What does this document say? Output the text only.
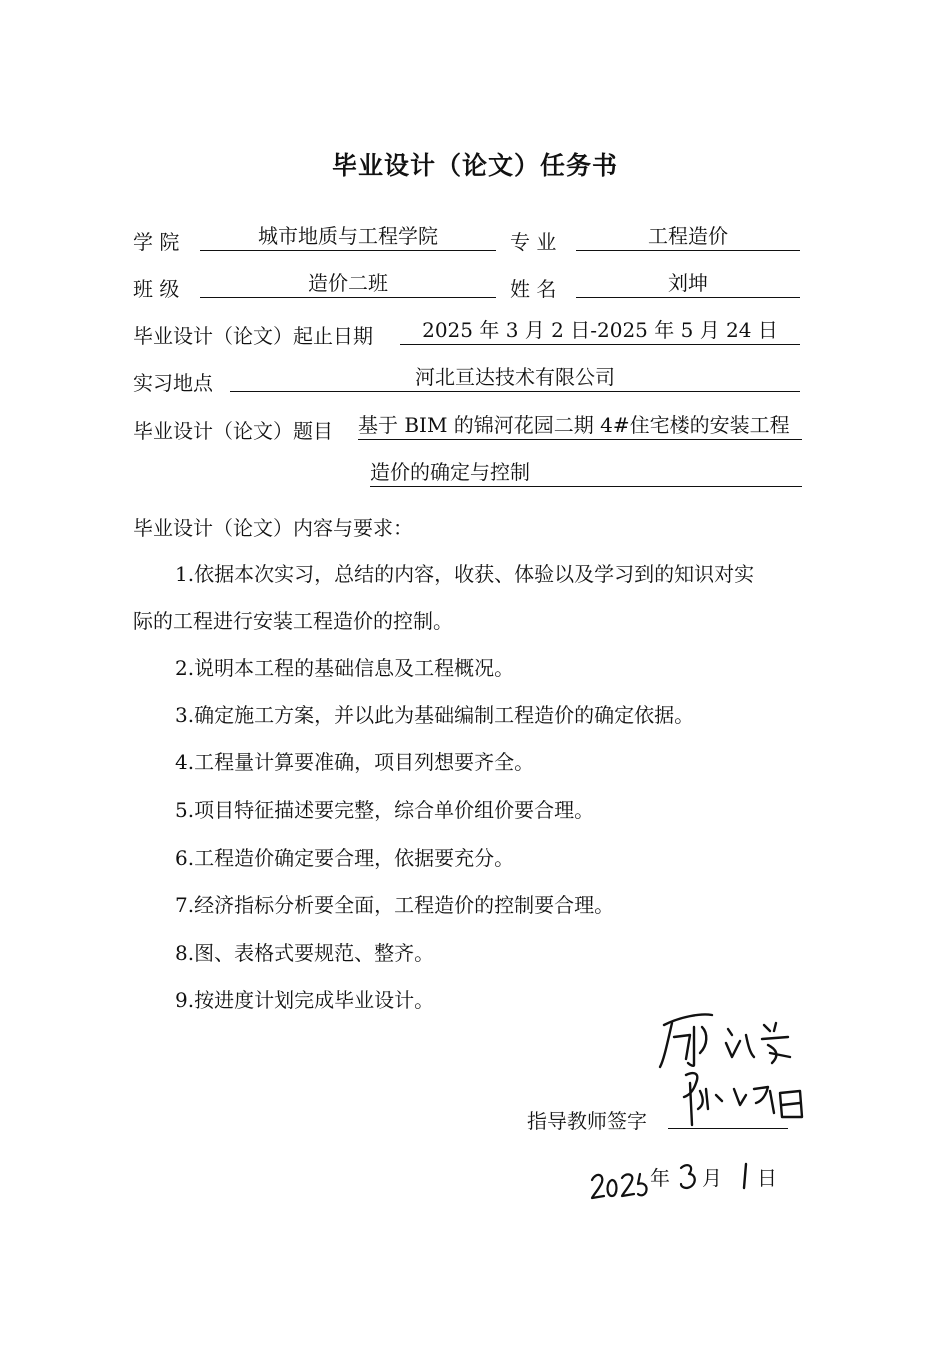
毕业设计（论文）任务书
学 院	城市地质与工程学院	专 业	工程造价
班 级	造价二班	姓 名	刘坤
毕业设计（论文）起止日期	2025 年 3 月 2 日-2025 年 5 月 24 日
实习地点	河北亘达技术有限公司
毕业设计（论文）题目 基于 BIM 的锦河花园二期 4#住宅楼的安装工程
造价的确定与控制
毕业设计（论文）内容与要求：
1.依据本次实习，总结的内容，收获、体验以及学习到的知识对实
际的工程进行安装工程造价的控制。
2.说明本工程的基础信息及工程概况。
3.确定施工方案，并以此为基础编制工程造价的确定依据。
4.工程量计算要准确，项目列想要齐全。
5.项目特征描述要完整，综合单价组价要合理。
6.工程造价确定要合理，依据要充分。
7.经济指标分析要全面，工程造价的控制要合理。
8.图、表格式要规范、整齐。
9.按进度计划完成毕业设计。
指导教师签字
2025	年
3
月
1
日
